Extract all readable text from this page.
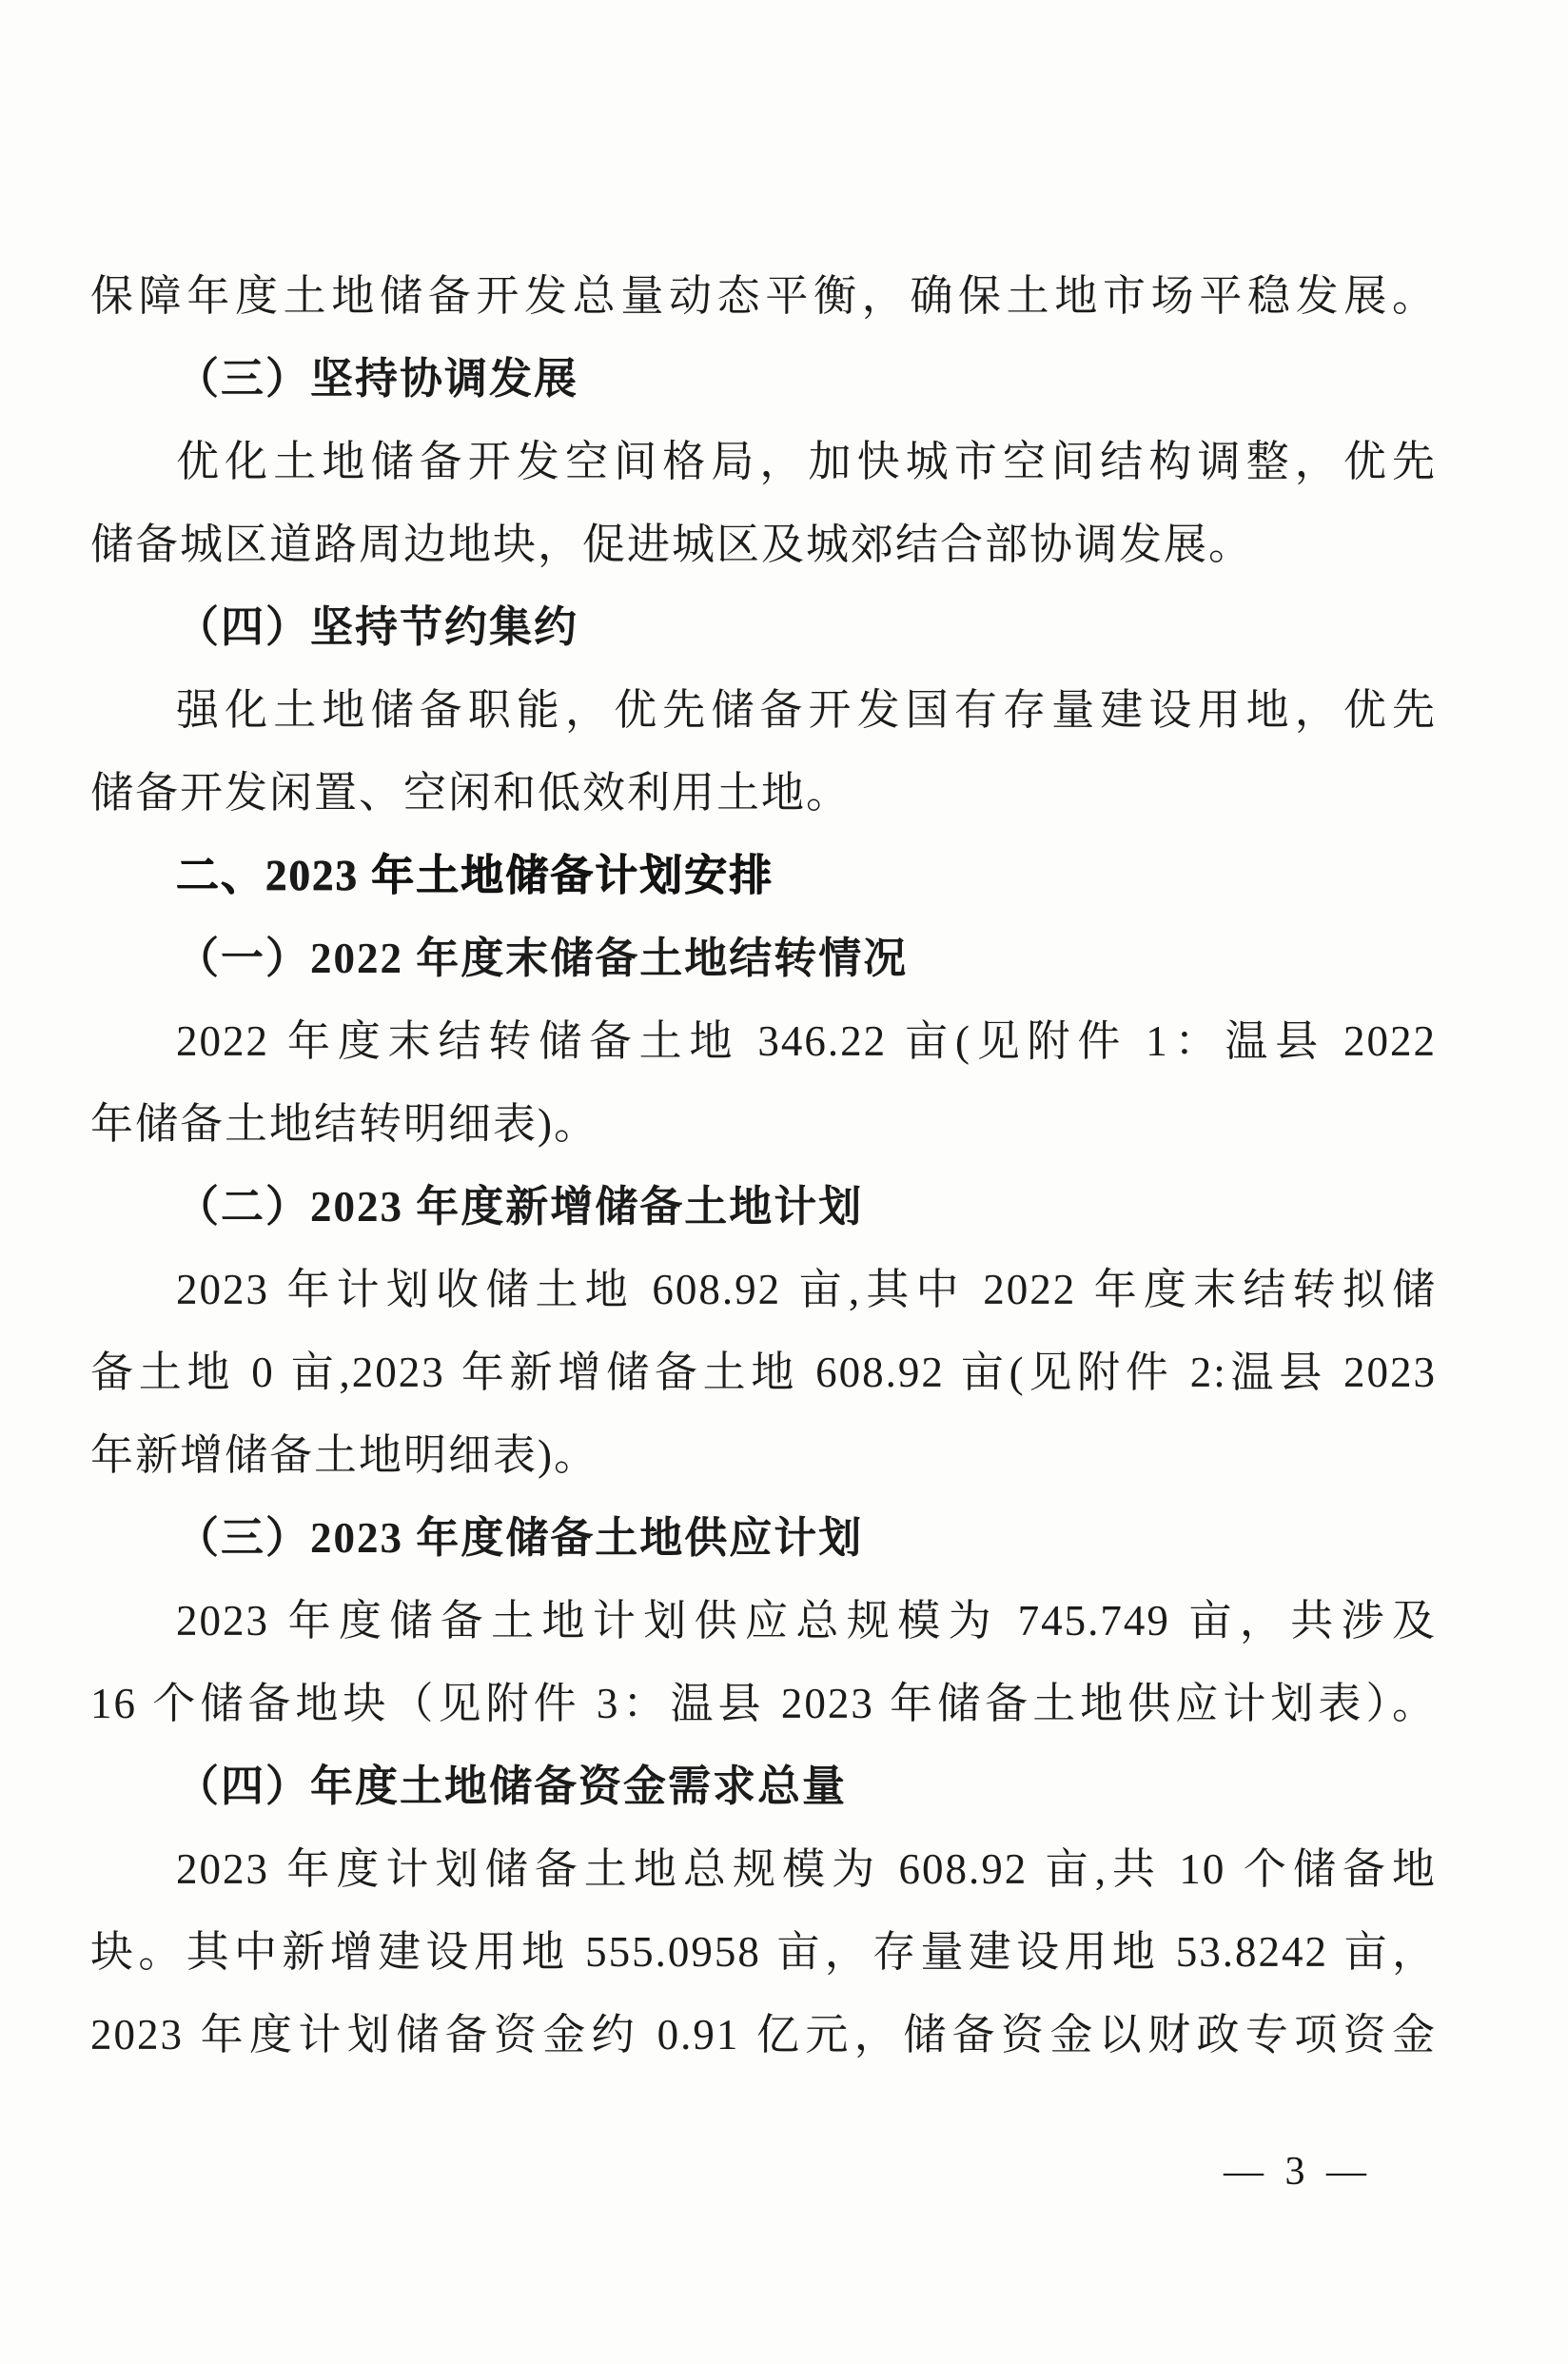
保障年度土地储备开发总量动态平衡，确保土地市场平稳发展。
（三）坚持协调发展
优化土地储备开发空间格局，加快城市空间结构调整，优先
储备城区道路周边地块，促进城区及城郊结合部协调发展。
（四）坚持节约集约
强化土地储备职能，优先储备开发国有存量建设用地，优先
储备开发闲置、空闲和低效利用土地。
二、2023 年土地储备计划安排
（一）2022 年度末储备土地结转情况
2022 年度末结转储备土地 346.22 亩(见附件 1：温县 2022
年储备土地结转明细表)。
（二）2023 年度新增储备土地计划
2023 年计划收储土地 608.92 亩,其中 2022 年度末结转拟储
备土地 0 亩,2023 年新增储备土地 608.92 亩(见附件 2:温县 2023
年新增储备土地明细表)。
（三）2023 年度储备土地供应计划
2023 年度储备土地计划供应总规模为 745.749 亩，共涉及
16 个储备地块（见附件 3：温县 2023 年储备土地供应计划表）。
（四）年度土地储备资金需求总量
2023 年度计划储备土地总规模为 608.92 亩,共 10 个储备地
块。其中新增建设用地 555.0958 亩，存量建设用地 53.8242 亩，
2023 年度计划储备资金约 0.91 亿元，储备资金以财政专项资金
— 3 —
